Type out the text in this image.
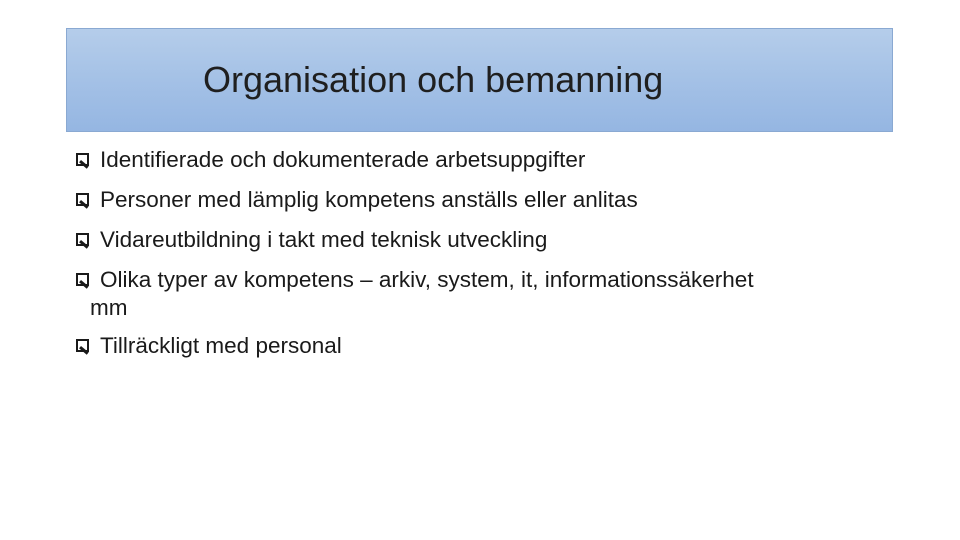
Organisation och bemanning
Identifierade och dokumenterade arbetsuppgifter
Personer med lämplig kompetens anställs eller anlitas
Vidareutbildning i takt med teknisk utveckling
Olika typer av kompetens – arkiv, system, it, informationssäkerhet
mm
Tillräckligt med personal
